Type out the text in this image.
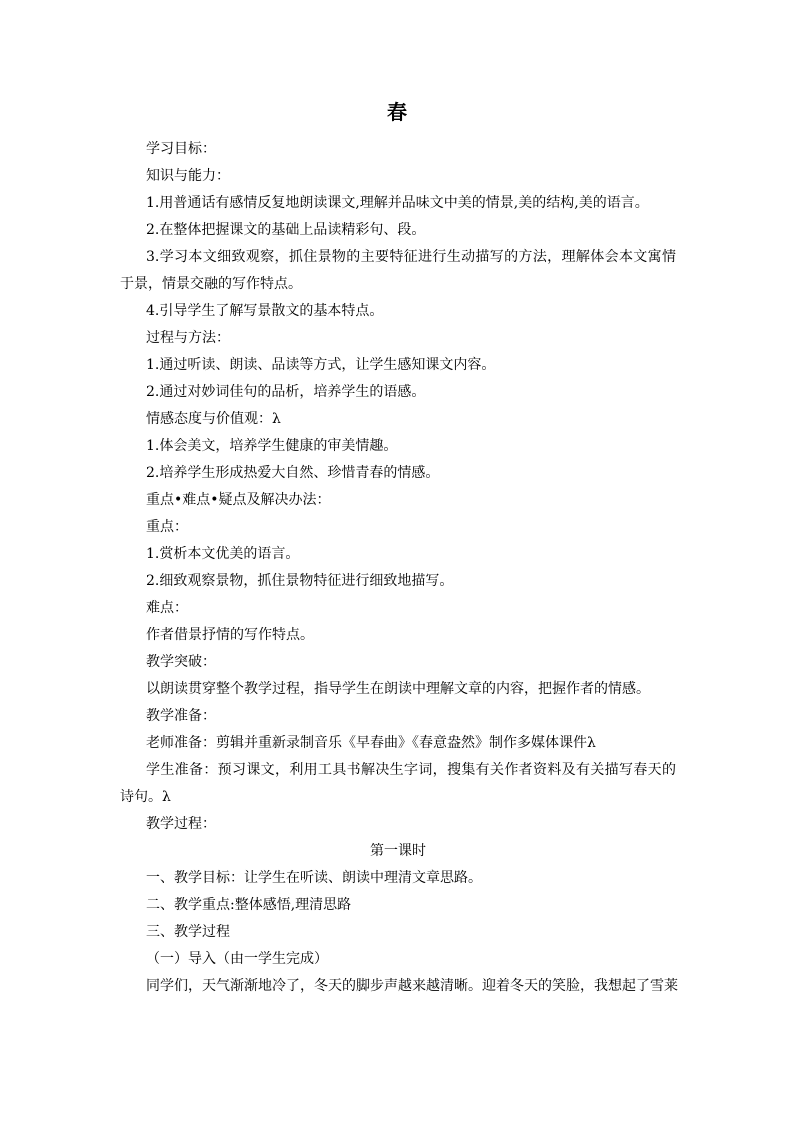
春

学习目标：

知识与能力：

1.用普通话有感情反复地朗读课文,理解并品味文中美的情景,美的结构,美的语言。

2.在整体把握课文的基础上品读精彩句、段。

3.学习本文细致观察，抓住景物的主要特征进行生动描写的方法，理解体会本文寓情于景，情景交融的写作特点。

4.引导学生了解写景散文的基本特点。

过程与方法：

1.通过听读、朗读、品读等方式，让学生感知课文内容。

2.通过对妙词佳句的品析，培养学生的语感。

情感态度与价值观：λ

1.体会美文，培养学生健康的审美情趣。

2.培养学生形成热爱大自然、珍惜青春的情感。

重点•难点•疑点及解决办法：

重点：

1.赏析本文优美的语言。

2.细致观察景物，抓住景物特征进行细致地描写。

难点：

作者借景抒情的写作特点。

教学突破：

以朗读贯穿整个教学过程，指导学生在朗读中理解文章的内容，把握作者的情感。

教学准备：

老师准备：剪辑并重新录制音乐《早春曲》《春意盎然》制作多媒体课件λ

学生准备：预习课文，利用工具书解决生字词，搜集有关作者资料及有关描写春天的诗句。λ

教学过程：

第一课时

一、教学目标：让学生在听读、朗读中理清文章思路。

二、教学重点:整体感悟,理清思路

三、教学过程

（一）导入（由一学生完成）

同学们，天气渐渐地冷了，冬天的脚步声越来越清晰。迎着冬天的笑脸，我想起了雪莱
